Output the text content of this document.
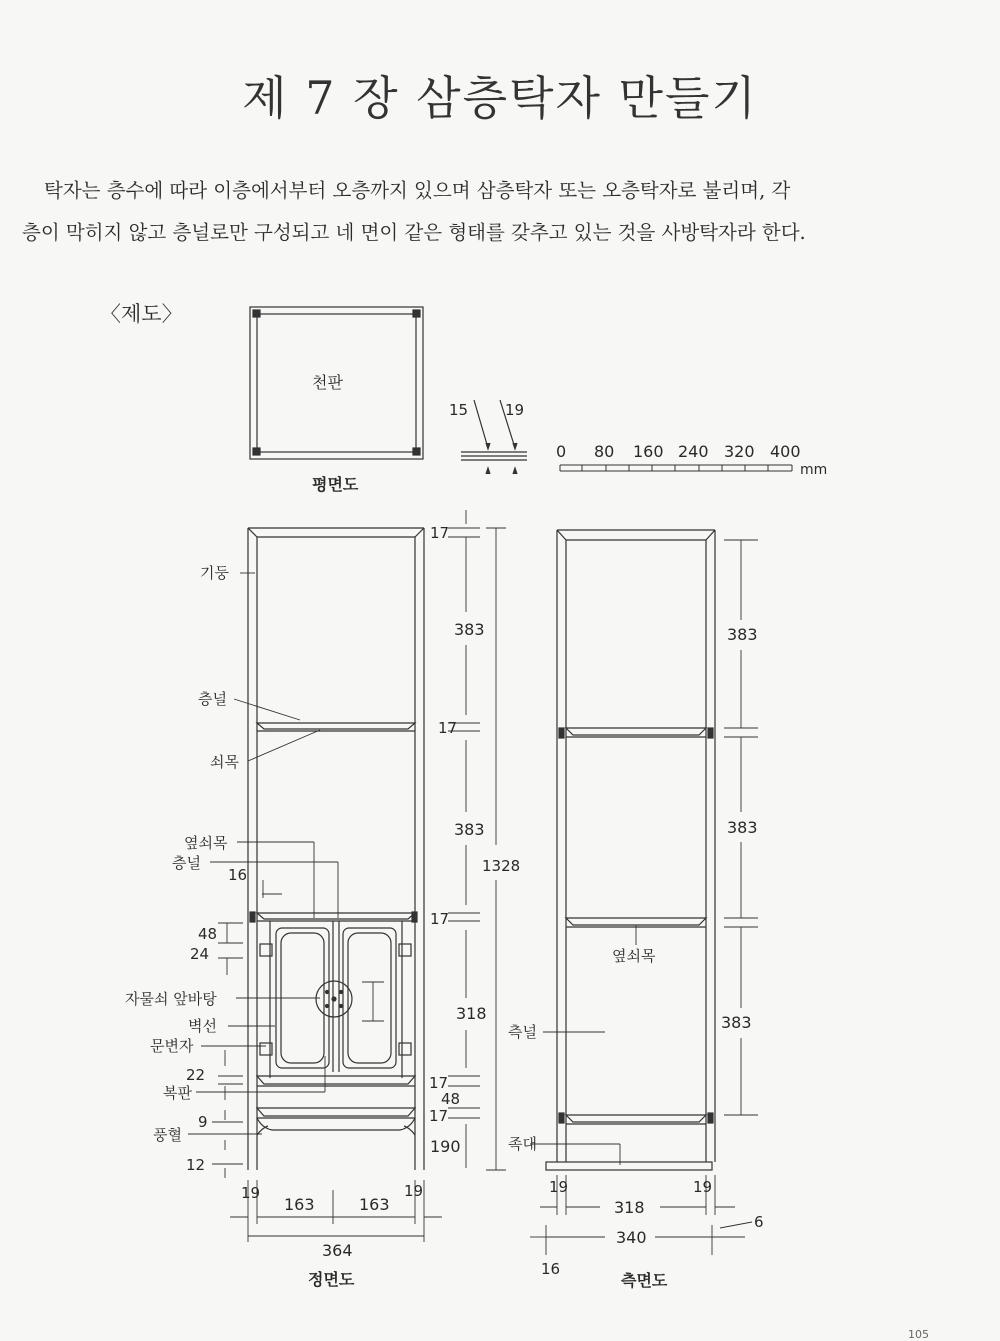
제 7 장 삼층탁자 만들기
탁자는 층수에 따라 이층에서부터 오층까지 있으며 삼층탁자 또는 오층탁자로 불리며, 각
층이 막히지 않고 층널로만 구성되고 네 면이 같은 형태를 갖추고 있는 것을 사방탁자라 한다.
〈제도〉
천판
평면도
15 19
0 80 160 240 320 400
mm
기둥
층널
쇠목
옆쇠목
층널
자물쇠 앞바탕
벽선
문변자
복판
풍혈
16
48
24
22
9
12
17
383
17
383
1328
17
318
17
48
17
190
19
163	163
19
364
정면도
옆쇠목
측널
족대
383
383
383
19
318
19
6
340
16
측면도
105
